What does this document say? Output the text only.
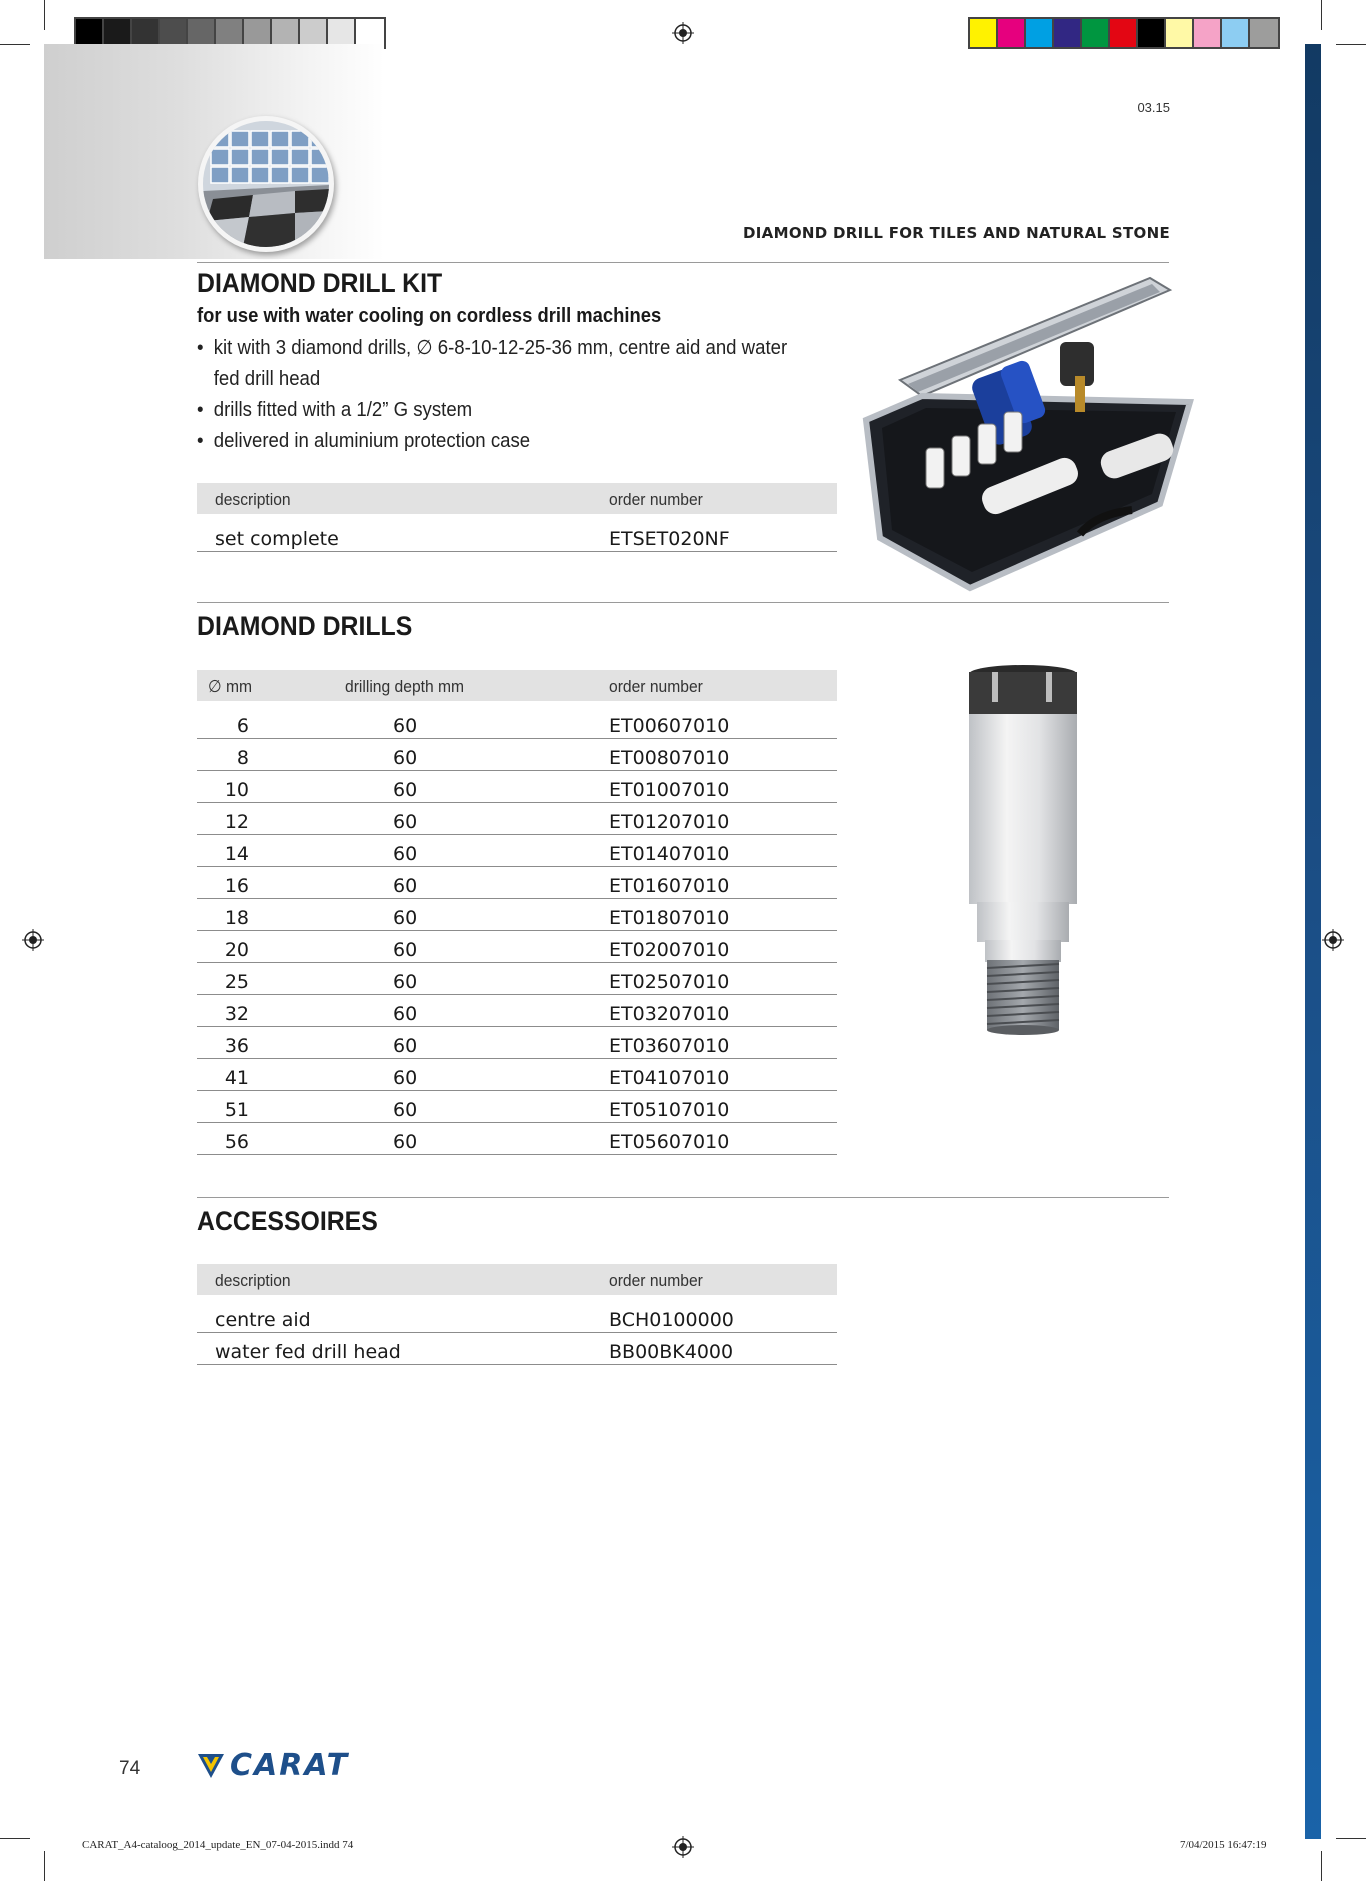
03.15
DIAMOND DRILL FOR TILES AND NATURAL STONE
DIAMOND DRILL KIT
for use with water cooling on cordless drill machines
• kit with 3 diamond drills, ∅ 6-8-10-12-25-36 mm, centre aid and water fed drill head
• drills fitted with a 1/2” G system
• delivered in aluminium protection case
description	order number
set complete	ETSET020NF
DIAMOND DRILLS
∅ mm	drilling depth mm	order number
6	60	ET00607010
8	60	ET00807010
10	60	ET01007010
12	60	ET01207010
14	60	ET01407010
16	60	ET01607010
18	60	ET01807010
20	60	ET02007010
25	60	ET02507010
32	60	ET03207010
36	60	ET03607010
41	60	ET04107010
51	60	ET05107010
56	60	ET05607010
ACCESSOIRES
description	order number
centre aid	BCH0100000
water fed drill head	BB00BK4000
74	CARAT
CARAT_A4-cataloog_2014_update_EN_07-04-2015.indd 74	7/04/2015 16:47:19
